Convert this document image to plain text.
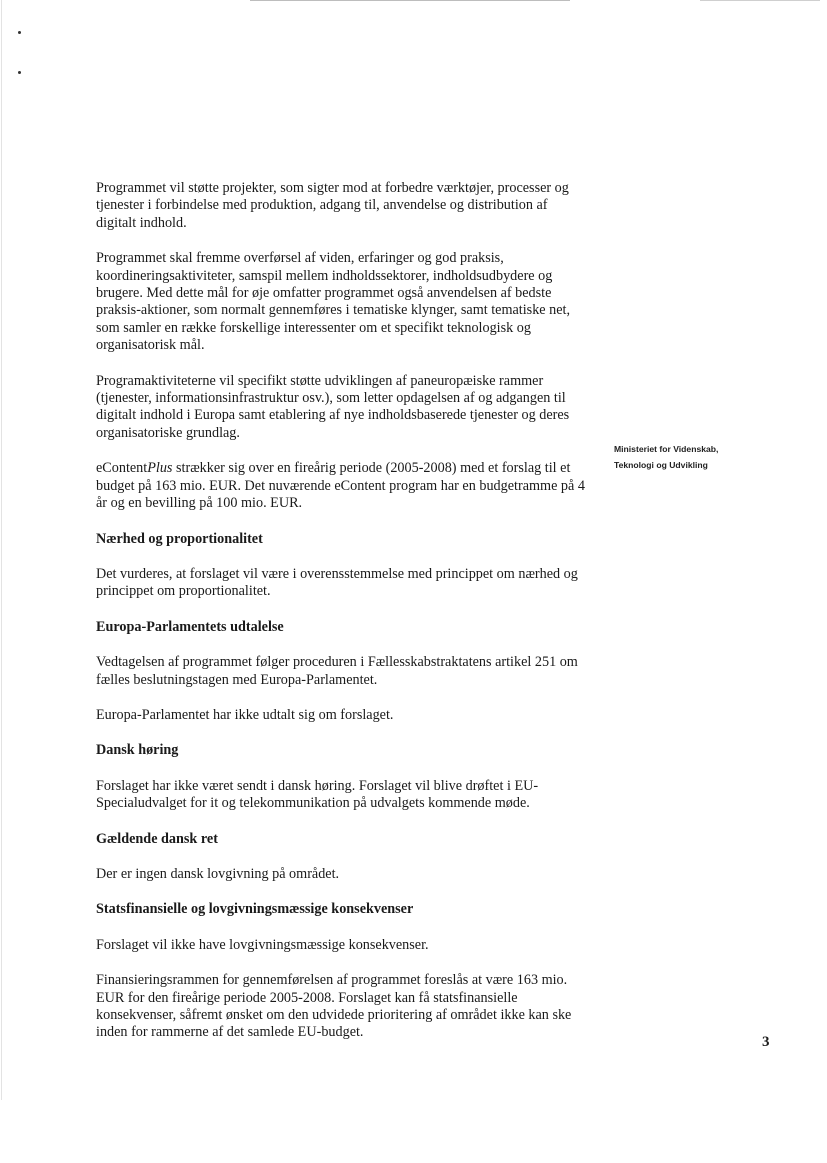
Ministeriet for Videnskab,
Teknologi og Udvikling

Programmet vil støtte projekter, som sigter mod at forbedre værktøjer, processer og tjenester i forbindelse med produktion, adgang til, anvendelse og distribution af digitalt indhold.

Programmet skal fremme overførsel af viden, erfaringer og god praksis, koordineringsaktiviteter, samspil mellem indholdssektorer, indholdsudbydere og brugere. Med dette mål for øje omfatter programmet også anvendelsen af bedste praksis-aktioner, som normalt gennemføres i tematiske klynger, samt tematiske net, som samler en række forskellige interessenter om et specifikt teknologisk og organisatorisk mål.

Programaktiviteterne vil specifikt støtte udviklingen af paneuropæiske rammer (tjenester, informationsinfrastruktur osv.), som letter opdagelsen af og adgangen til digitalt indhold i Europa samt etablering af nye indholdsbaserede tjenester og deres organisatoriske grundlag.

eContentPlus strækker sig over en fireårig periode (2005-2008) med et forslag til et budget på 163 mio. EUR. Det nuværende eContent program har en budgetramme på 4 år og en bevilling på 100 mio. EUR.

Nærhed og proportionalitet

Det vurderes, at forslaget vil være i overensstemmelse med princippet om nærhed og princippet om proportionalitet.

Europa-Parlamentets udtalelse

Vedtagelsen af programmet følger proceduren i Fællesskabstraktatens artikel 251 om fælles beslutningstagen med Europa-Parlamentet.

Europa-Parlamentet har ikke udtalt sig om forslaget.

Dansk høring

Forslaget har ikke været sendt i dansk høring. Forslaget vil blive drøftet i EU-Specialudvalget for it og telekommunikation på udvalgets kommende møde.

Gældende dansk ret

Der er ingen dansk lovgivning på området.

Statsfinansielle og lovgivningsmæssige konsekvenser

Forslaget vil ikke have lovgivningsmæssige konsekvenser.

Finansieringsrammen for gennemførelsen af programmet foreslås at være 163 mio. EUR for den fireårige periode 2005-2008. Forslaget kan få statsfinansielle konsekvenser, såfremt ønsket om den udvidede prioritering af området ikke kan ske inden for rammerne af det samlede EU-budget.

3
